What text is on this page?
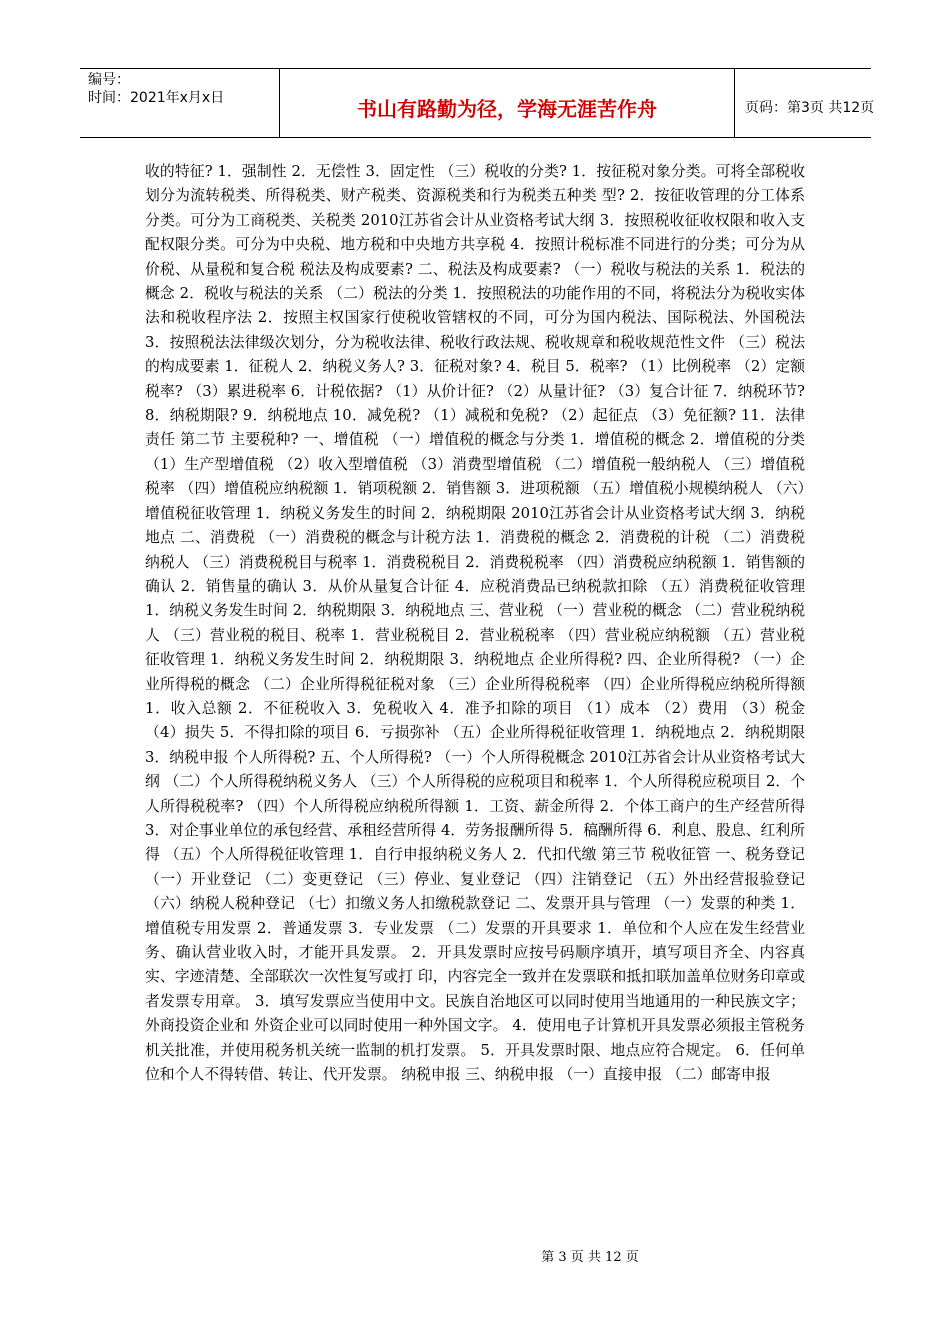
编号：
时间：2021年x月x日	书山有路勤为径，学海无涯苦作舟	页码：第3页 共12页
收的特征? 1．强制性 2．无偿性 3．固定性 （三）税收的分类? 1．按征税对象分类。可将全部税收划分为流转税类、所得税类、财产税类、资源税类和行为税类五种类 型? 2．按征收管理的分工体系分类。可分为工商税类、关税类 2010江苏省会计从业资格考试大纲 3．按照税收征收权限和收入支配权限分类。可分为中央税、地方税和中央地方共享税 4．按照计税标准不同进行的分类；可分为从价税、从量税和复合税 税法及构成要素? 二、税法及构成要素? （一）税收与税法的关系 1．税法的概念 2．税收与税法的关系 （二）税法的分类 1．按照税法的功能作用的不同，将税法分为税收实体法和税收程序法 2．按照主权国家行使税收管辖权的不同，可分为国内税法、国际税法、外国税法 3．按照税法法律级次划分，分为税收法律、税收行政法规、税收规章和税收规范性文件 （三）税法的构成要素 1．征税人 2．纳税义务人? 3．征税对象? 4．税目 5．税率? （1）比例税率 （2）定额税率? （3）累进税率 6．计税依据? （1）从价计征? （2）从量计征? （3）复合计征 7．纳税环节? 8．纳税期限? 9．纳税地点 10．减免税? （1）减税和免税? （2）起征点 （3）免征额? 11．法律责任 第二节 主要税种? 一、增值税 （一）增值税的概念与分类 1．增值税的概念 2．增值税的分类 （1）生产型增值税 （2）收入型增值税 （3）消费型增值税 （二）增值税一般纳税人 （三）增值税税率 （四）增值税应纳税额 1．销项税额 2．销售额 3．进项税额 （五）增值税小规模纳税人 （六）增值税征收管理 1．纳税义务发生的时间 2．纳税期限 2010江苏省会计从业资格考试大纲 3．纳税地点 二、消费税 （一）消费税的概念与计税方法 1．消费税的概念 2．消费税的计税 （二）消费税纳税人 （三）消费税税目与税率 1．消费税税目 2．消费税税率 （四）消费税应纳税额 1．销售额的确认 2．销售量的确认 3．从价从量复合计征 4．应税消费品已纳税款扣除 （五）消费税征收管理 1．纳税义务发生时间 2．纳税期限 3．纳税地点 三、营业税 （一）营业税的概念 （二）营业税纳税人 （三）营业税的税目、税率 1．营业税税目 2．营业税税率 （四）营业税应纳税额 （五）营业税征收管理 1．纳税义务发生时间 2．纳税期限 3．纳税地点 企业所得税? 四、企业所得税? （一）企业所得税的概念 （二）企业所得税征税对象 （三）企业所得税税率 （四）企业所得税应纳税所得额 1．收入总额 2．不征税收入 3．免税收入 4．准予扣除的项目 （1）成本 （2）费用 （3）税金 （4）损失 5．不得扣除的项目 6．亏损弥补 （五）企业所得税征收管理 1．纳税地点 2．纳税期限 3．纳税申报 个人所得税? 五、个人所得税? （一）个人所得税概念 2010江苏省会计从业资格考试大纲 （二）个人所得税纳税义务人 （三）个人所得税的应税项目和税率 1．个人所得税应税项目 2．个人所得税税率? （四）个人所得税应纳税所得额 1．工资、薪金所得 2．个体工商户的生产经营所得 3．对企事业单位的承包经营、承租经营所得 4．劳务报酬所得 5．稿酬所得 6．利息、股息、红利所得 （五）个人所得税征收管理 1．自行申报纳税义务人 2．代扣代缴 第三节 税收征管 一、税务登记 （一）开业登记 （二）变更登记 （三）停业、复业登记 （四）注销登记 （五）外出经营报验登记 （六）纳税人税种登记 （七）扣缴义务人扣缴税款登记 二、发票开具与管理 （一）发票的种类 1．增值税专用发票 2．普通发票 3．专业发票 （二）发票的开具要求 1．单位和个人应在发生经营业务、确认营业收入时，才能开具发票。 2．开具发票时应按号码顺序填开，填写项目齐全、内容真实、字迹清楚、全部联次一次性复写或打 印，内容完全一致并在发票联和抵扣联加盖单位财务印章或者发票专用章。 3．填写发票应当使用中文。民族自治地区可以同时使用当地通用的一种民族文字；外商投资企业和 外资企业可以同时使用一种外国文字。 4．使用电子计算机开具发票必须报主管税务机关批准，并使用税务机关统一监制的机打发票。 5．开具发票时限、地点应符合规定。 6．任何单位和个人不得转借、转让、代开发票。 纳税申报 三、纳税申报 （一）直接申报 （二）邮寄申报
第 3 页 共 12 页
